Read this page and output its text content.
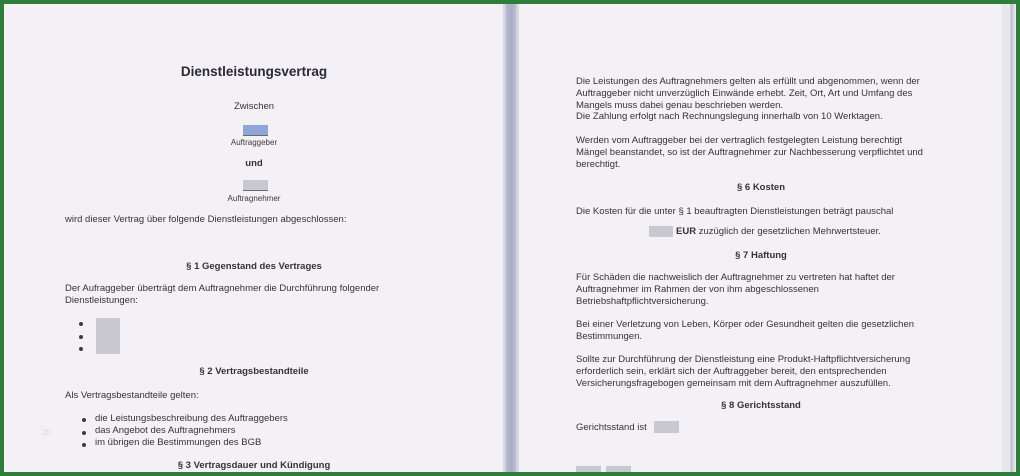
Dienstleistungsvertrag
Zwischen
Auftraggeber
und
Auftragnehmer
wird dieser Vertrag über folgende Dienstleistungen abgeschlossen:
§ 1 Gegenstand des Vertrages
Der Aufraggeber überträgt dem Auftragnehmer die Durchführung folgender
Dienstleistungen:
§ 2 Vertragsbestandteile
Als Vertragsbestandteile gelten:
20
die Leistungsbeschreibung des Auftraggebers
das Angebot des Auftragnehmers
im übrigen die Bestimmungen des BGB
§ 3 Vertragsdauer und Kündigung
Die Leistungen des Auftragnehmers gelten als erfüllt und abgenommen, wenn der
Auftraggeber nicht unverzüglich Einwände erhebt. Zeit, Ort, Art und Umfang des
Mangels muss dabei genau beschrieben werden.
Die Zahlung erfolgt nach Rechnungslegung innerhalb von 10 Werktagen.
Werden vom Auftraggeber bei der vertraglich festgelegten Leistung berechtigt
Mängel beanstandet, so ist der Auftragnehmer zur Nachbesserung verpflichtet und
berechtigt.
§ 6 Kosten
Die Kosten für die unter § 1 beauftragten Dienstleistungen beträgt pauschal
EUR zuzüglich der gesetzlichen Mehrwertsteuer.
§ 7 Haftung
Für Schäden die nachweislich der Auftragnehmer zu vertreten hat haftet der
Auftragnehmer im Rahmen der von ihm abgeschlossenen
Betriebshaftpflichtversicherung.
Bei einer Verletzung von Leben, Körper oder Gesundheit gelten die gesetzlichen
Bestimmungen.
Sollte zur Durchführung der Dienstleistung eine Produkt-Haftpflichtversicherung
erforderlich sein, erklärt sich der Auftraggeber bereit, den entsprechenden
Versicherungsfragebogen gemeinsam mit dem Auftragnehmer auszufüllen.
§ 8 Gerichtsstand
Gerichtsstand ist
